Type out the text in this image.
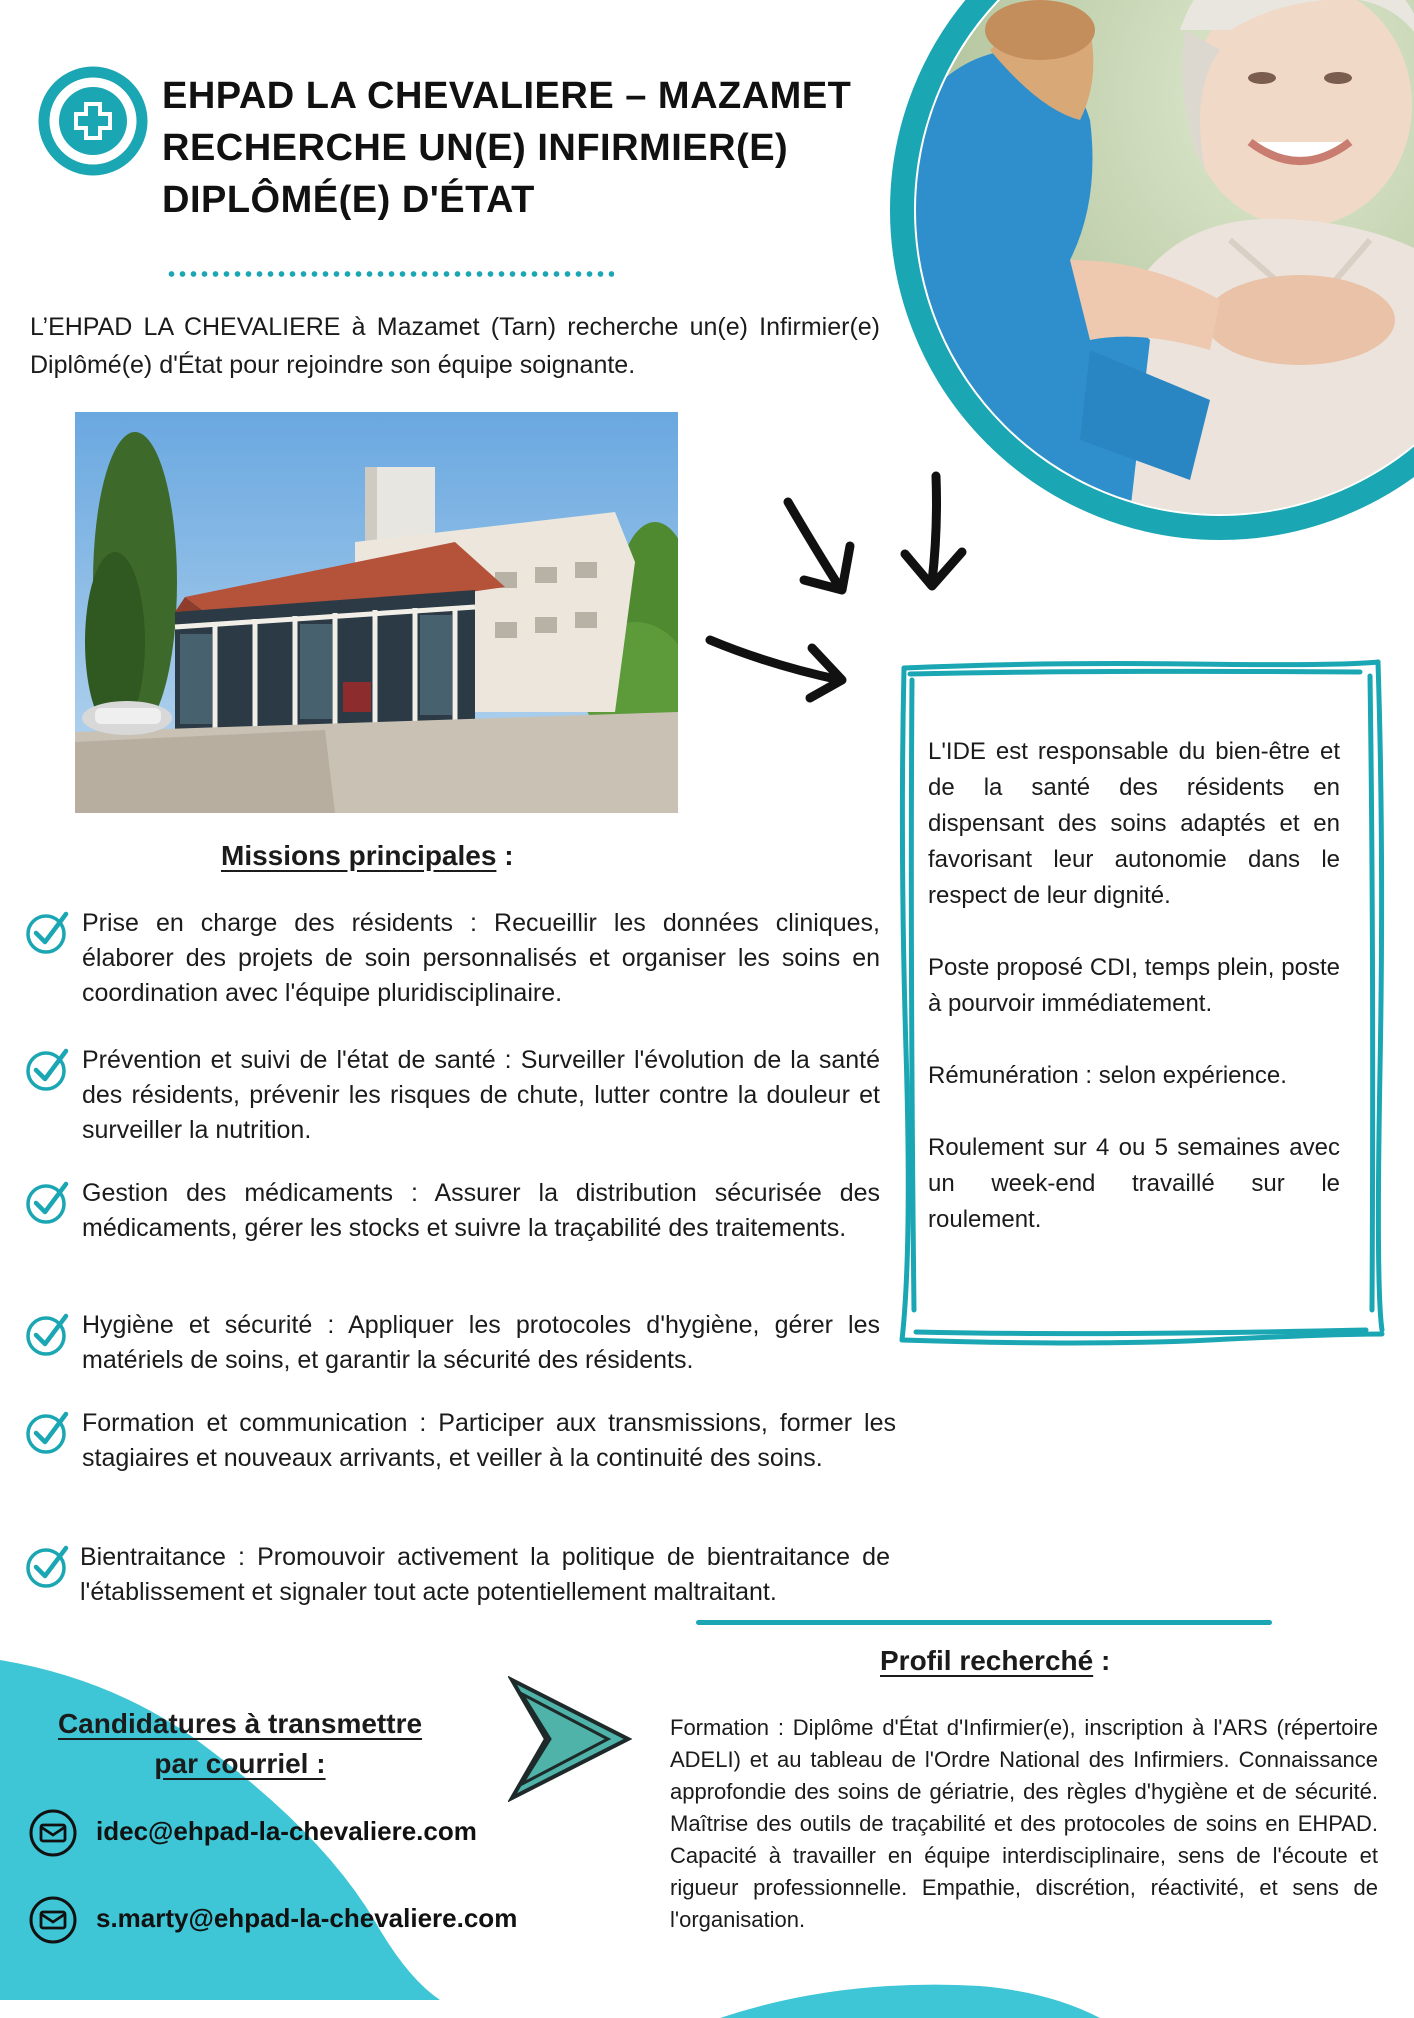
EHPAD LA CHEVALIERE – MAZAMET RECHERCHE UN(E) INFIRMIER(E) DIPLÔMÉ(E) D'ÉTAT

L’EHPAD LA CHEVALIERE à Mazamet (Tarn) recherche un(e) Infirmier(e) Diplômé(e) d'État pour rejoindre son équipe soignante.

L'IDE est responsable du bien-être et de la santé des résidents en dispensant des soins adaptés et en favorisant leur autonomie dans le respect de leur dignité.

Poste proposé CDI, temps plein, poste à pourvoir immédiatement.

Rémunération : selon expérience.

Roulement sur 4 ou 5 semaines avec un week-end travaillé sur le roulement.

Missions principales :

Prise en charge des résidents : Recueillir les données cliniques, élaborer des projets de soin personnalisés et organiser les soins en coordination avec l'équipe pluridisciplinaire.

Prévention et suivi de l'état de santé : Surveiller l'évolution de la santé des résidents, prévenir les risques de chute, lutter contre la douleur et surveiller la nutrition.

Gestion des médicaments : Assurer la distribution sécurisée des médicaments, gérer les stocks et suivre la traçabilité des traitements.

Hygiène et sécurité : Appliquer les protocoles d'hygiène, gérer les matériels de soins, et garantir la sécurité des résidents.

Formation et communication : Participer aux transmissions, former les stagiaires et nouveaux arrivants, et veiller à la continuité des soins.

Bientraitance : Promouvoir activement la politique de bientraitance de l'établissement et signaler tout acte potentiellement maltraitant.

Candidatures à transmettre
par courriel :
idec@ehpad-la-chevaliere.com
s.marty@ehpad-la-chevaliere.com
Profil recherché :

Formation : Diplôme d'État d'Infirmier(e), inscription à l'ARS (répertoire ADELI) et au tableau de l'Ordre National des Infirmiers. Connaissance approfondie des soins de gériatrie, des règles d'hygiène et de sécurité. Maîtrise des outils de traçabilité et des protocoles de soins en EHPAD. Capacité à travailler en équipe interdisciplinaire, sens de l'écoute et rigueur professionnelle. Empathie, discrétion, réactivité, et sens de l'organisation.
